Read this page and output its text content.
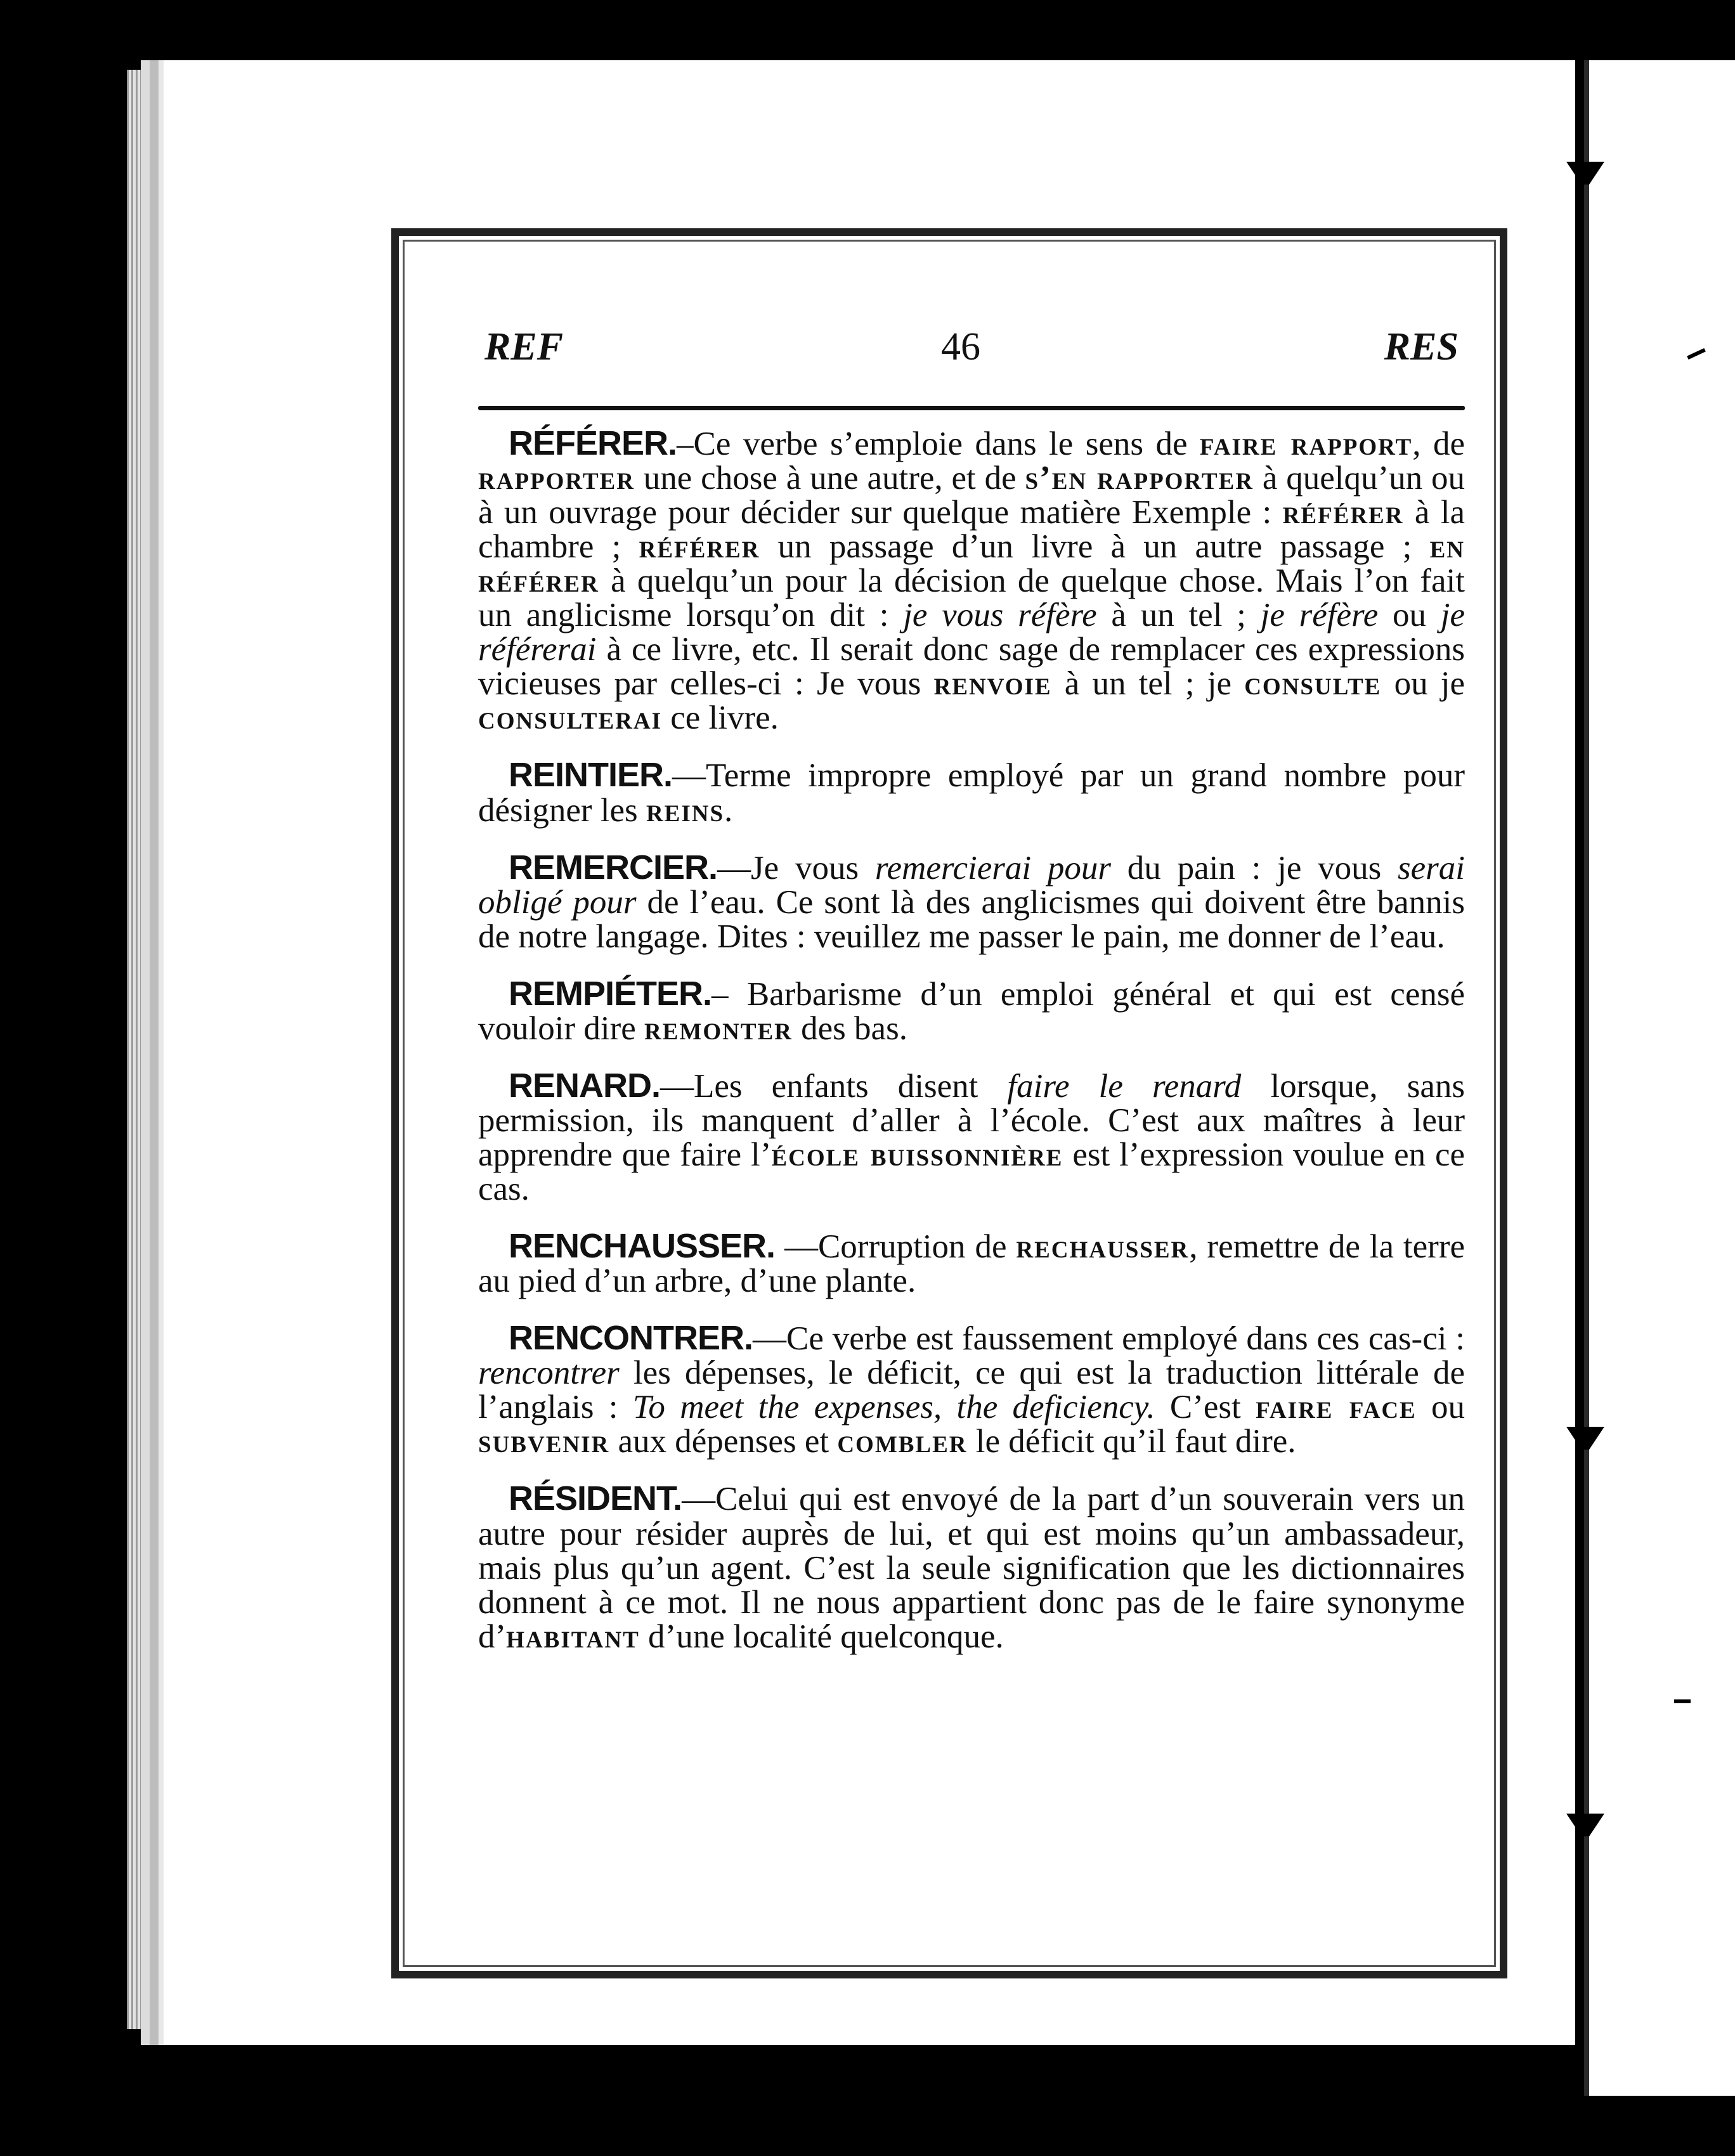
REF	46	RES

RÉFÉRER.–Ce verbe s’emploie dans le sens de faire rapport, de rapporter une chose à une autre, et de s’en rapporter à quelqu’un ou à un ouvrage pour décider sur quelque matière Exemple : référer à la chambre ; référer un passage d’un livre à un autre passage ; en référer à quelqu’un pour la décision de quelque chose. Mais l’on fait un anglicisme lorsqu’on dit : je vous réfère à un tel ; je réfère ou je référerai à ce livre, etc. Il serait donc sage de remplacer ces expressions vicieuses par celles-ci : Je vous renvoie à un tel ; je consulte ou je consulterai ce livre.

REINTIER.—Terme impropre employé par un grand nombre pour désigner les reins.

REMERCIER.—Je vous remercierai pour du pain : je vous serai obligé pour de l’eau. Ce sont là des anglicismes qui doivent être bannis de notre langage. Dites : veuillez me passer le pain, me donner de l’eau.

REMPIÉTER.– Barbarisme d’un emploi général et qui est censé vouloir dire remonter des bas.

RENARD.—Les enfants disent faire le renard lorsque, sans permission, ils manquent d’aller à l’école. C’est aux maîtres à leur apprendre que faire l’école buissonnière est l’expression voulue en ce cas.

RENCHAUSSER. —Corruption de rechausser, remettre de la terre au pied d’un arbre, d’une plante.

RENCONTRER.—Ce verbe est faussement employé dans ces cas-ci : rencontrer les dépenses, le déficit, ce qui est la traduction littérale de l’anglais : To meet the expenses, the deficiency. C’est faire face ou subvenir aux dépenses et combler le déficit qu’il faut dire.

RÉSIDENT.—Celui qui est envoyé de la part d’un souverain vers un autre pour résider auprès de lui, et qui est moins qu’un ambassadeur, mais plus qu’un agent. C’est la seule signification que les dictionnaires donnent à ce mot. Il ne nous appartient donc pas de le faire synonyme d’habitant d’une localité quelconque.
